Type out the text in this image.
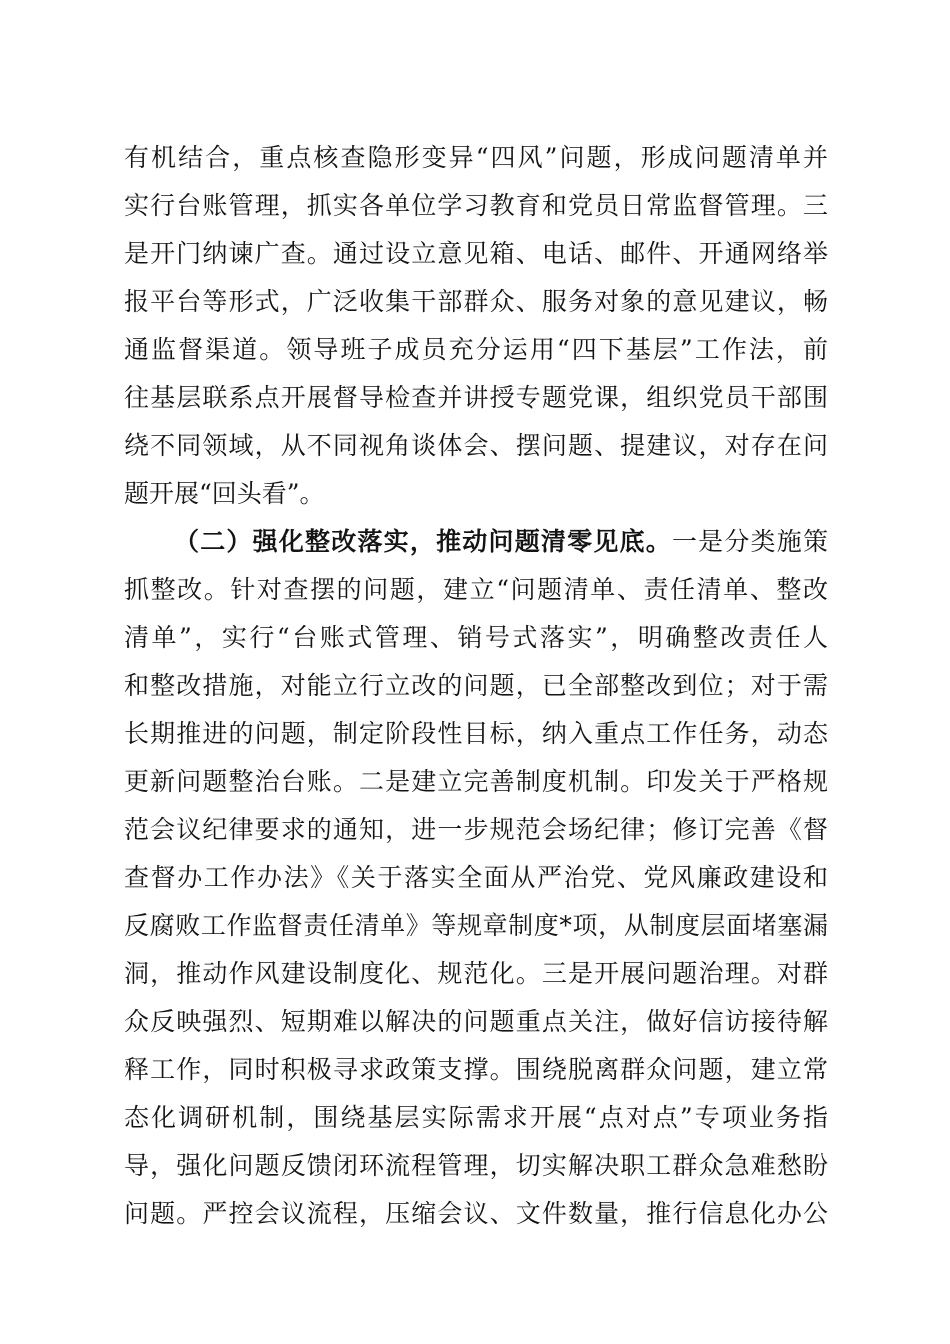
有机结合，重点核查隐形变异“四风”问题，形成问题清单并
实行台账管理，抓实各单位学习教育和党员日常监督管理。三
是开门纳谏广查。通过设立意见箱、电话、邮件、开通网络举
报平台等形式，广泛收集干部群众、服务对象的意见建议，畅
通监督渠道。领导班子成员充分运用“四下基层”工作法，前
往基层联系点开展督导检查并讲授专题党课，组织党员干部围
绕不同领域，从不同视角谈体会、摆问题、提建议，对存在问
题开展“回头看”。
（二）强化整改落实，推动问题清零见底。一是分类施策
抓整改。针对查摆的问题，建立“问题清单、责任清单、整改
清单”，实行“台账式管理、销号式落实”，明确整改责任人
和整改措施，对能立行立改的问题，已全部整改到位；对于需
长期推进的问题，制定阶段性目标，纳入重点工作任务，动态
更新问题整治台账。二是建立完善制度机制。印发关于严格规
范会议纪律要求的通知，进一步规范会场纪律；修订完善《督
查督办工作办法》《关于落实全面从严治党、党风廉政建设和
反腐败工作监督责任清单》等规章制度*项，从制度层面堵塞漏
洞，推动作风建设制度化、规范化。三是开展问题治理。对群
众反映强烈、短期难以解决的问题重点关注，做好信访接待解
释工作，同时积极寻求政策支撑。围绕脱离群众问题，建立常
态化调研机制，围绕基层实际需求开展“点对点”专项业务指
导，强化问题反馈闭环流程管理，切实解决职工群众急难愁盼
问题。严控会议流程，压缩会议、文件数量，推行信息化办公
